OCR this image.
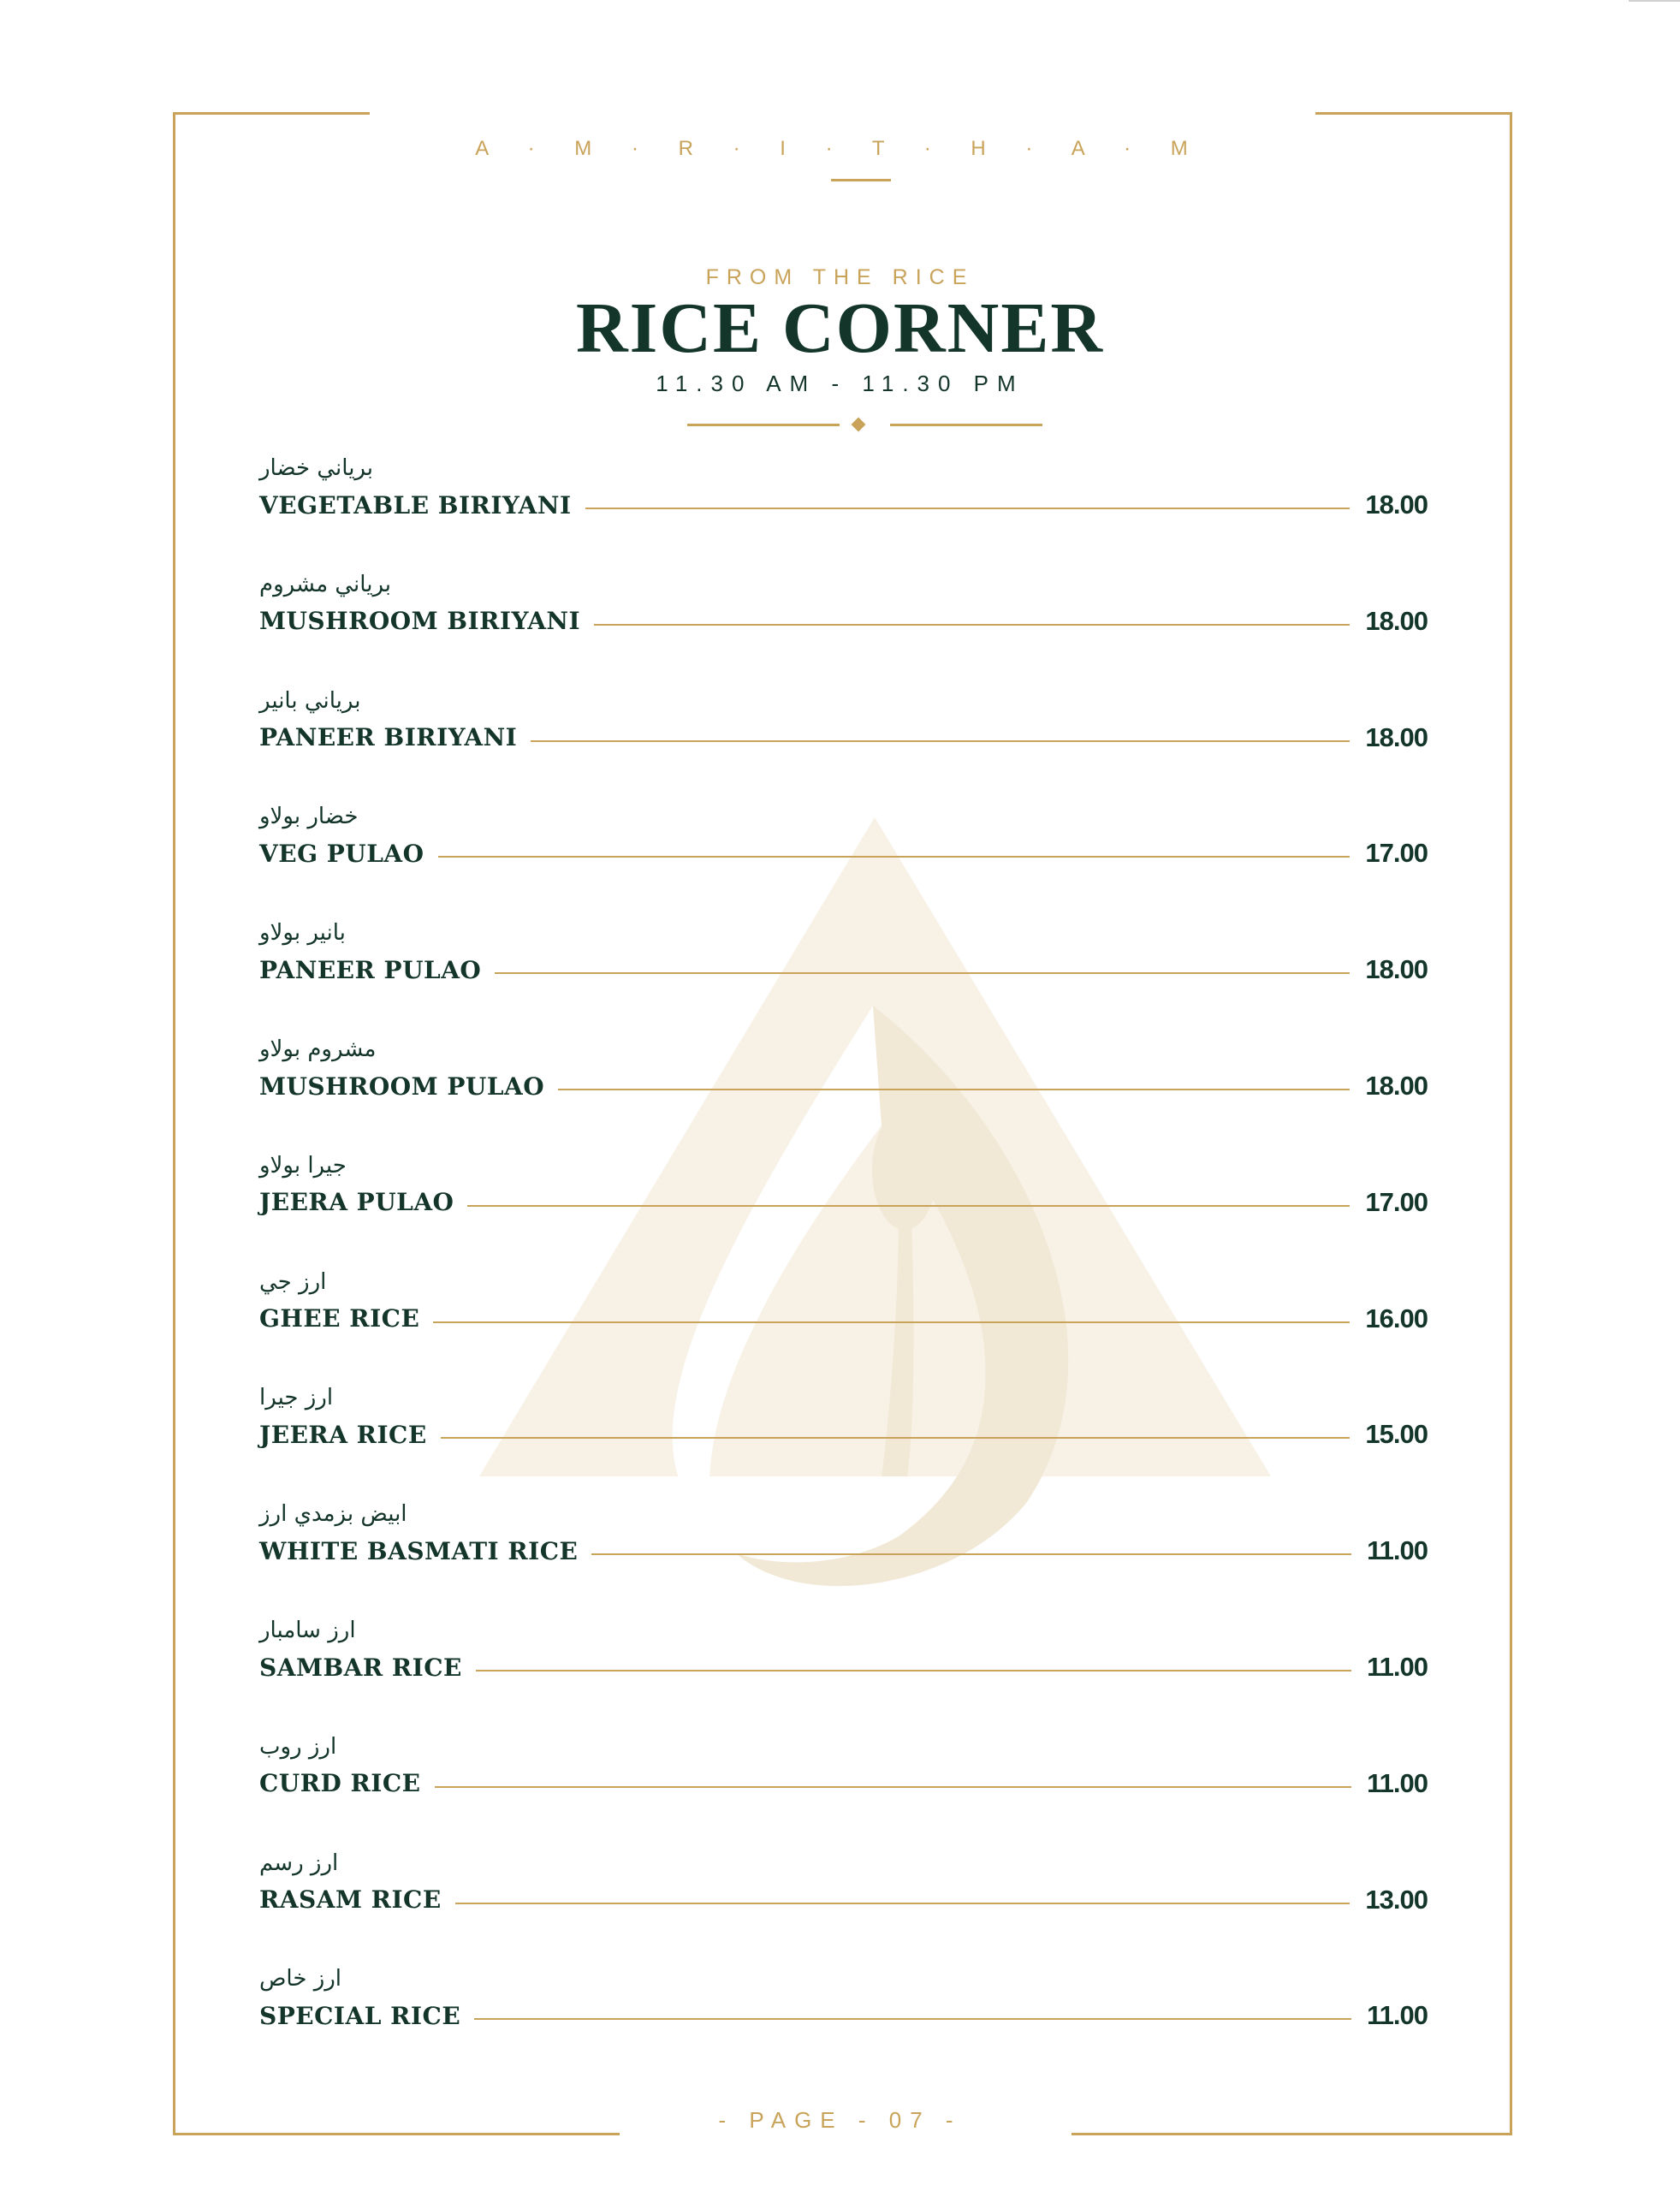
A · M · R · I · T · H · A · M
FROM THE RICE
RICE CORNER
11.30 AM - 11.30 PM
برياني خضار
VEGETABLE BIRIYANI	18.00
برياني مشروم
MUSHROOM BIRIYANI	18.00
برياني بانير
PANEER BIRIYANI	18.00
خضار بولاو
VEG PULAO	17.00
بانير بولاو
PANEER PULAO	18.00
مشروم بولاو
MUSHROOM PULAO	18.00
جيرا بولاو
JEERA PULAO	17.00
ارز جي
GHEE RICE	16.00
ارز جيرا
JEERA RICE	15.00
ابيض بزمدي ارز
WHITE BASMATI RICE	11.00
ارز سامبار
SAMBAR RICE	11.00
ارز روب
CURD RICE	11.00
ارز رسم
RASAM RICE	13.00
ارز خاص
SPECIAL RICE	11.00
- PAGE - 07 -
